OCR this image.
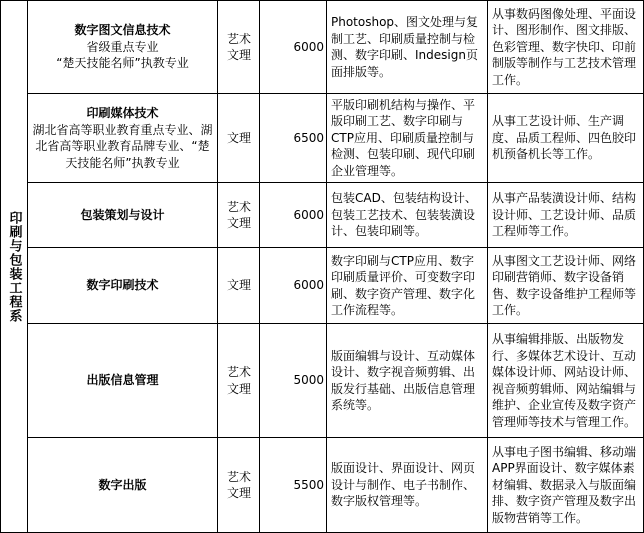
印刷与包装工程系	数字图文信息技术
省级重点专业
“楚天技能名师”执教专业	艺术
文理	6000	Photoshop、图文处理与复制工艺、印刷质量控制与检测、数字印刷、Indesign页面排版等。	从事数码图像处理、平面设计、图形制作、图文排版、色彩管理、数字快印、印前制版等制作与工艺技术管理工作。

	印刷媒体技术
湖北省高等职业教育重点专业、湖北省高等职业教育品牌专业、“楚天技能名师”执教专业	文理	6500	平版印刷机结构与操作、平版印刷工艺、数字印刷与CTP应用、印刷质量控制与检测、包装印刷、现代印刷企业管理等。	从事工艺设计师、生产调度、品质工程师、四色胶印机预备机长等工作。

	包装策划与设计	艺术
文理	6000	包装CAD、包装结构设计、包装工艺技术、包装装潢设计、包装印刷等。	从事产品装潢设计师、结构设计师、工艺设计师、品质工程师等工作。

	数字印刷技术	文理	6000	数字印刷与CTP应用、数字印刷质量评价、可变数字印刷、数字资产管理、数字化工作流程等。	从事图文工艺设计师、网络印刷营销师、数字设备销售、数字设备维护工程师等工作。

	出版信息管理	艺术
文理	5000	版面编辑与设计、互动媒体设计、数字视音频剪辑、出版发行基础、出版信息管理系统等。	从事编辑排版、出版物发行、多媒体艺术设计、互动媒体设计师、网站设计师、视音频剪辑师、网站编辑与维护、企业宣传及数字资产管理师等技术与管理工作。

	数字出版	艺术
文理	5500	版面设计、界面设计、网页设计与制作、电子书制作、数字版权管理等。	从事电子图书编辑、移动端APP界面设计、数字媒体素材编辑、数据录入与版面编排、数字资产管理及数字出版物营销等工作。
